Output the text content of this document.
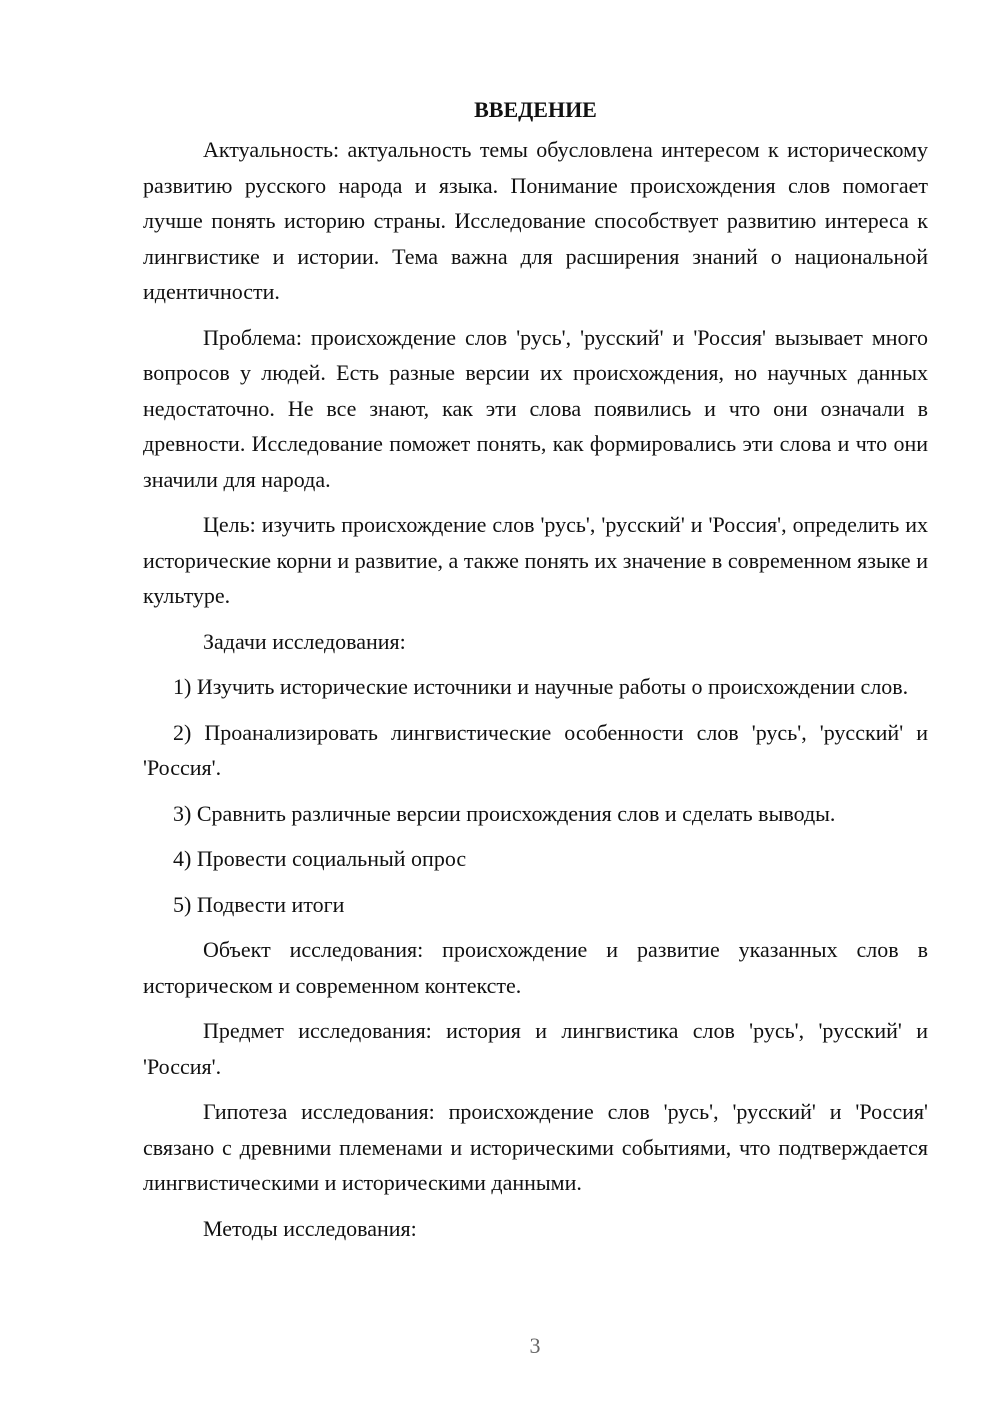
ВВЕДЕНИЕ

Актуальность: актуальность темы обусловлена интересом к историческому развитию русского народа и языка. Понимание происхождения слов помогает лучше понять историю страны. Исследование способствует развитию интереса к лингвистике и истории. Тема важна для расширения знаний о национальной идентичности.

Проблема: происхождение слов 'русь', 'русский' и 'Россия' вызывает много вопросов у людей. Есть разные версии их происхождения, но научных данных недостаточно. Не все знают, как эти слова появились и что они означали в древности. Исследование поможет понять, как формировались эти слова и что они значили для народа.

Цель: изучить происхождение слов 'русь', 'русский' и 'Россия', определить их исторические корни и развитие, а также понять их значение в современном языке и культуре.

Задачи исследования:

1) Изучить исторические источники и научные работы о происхождении слов.

2) Проанализировать лингвистические особенности слов 'русь', 'русский' и 'Россия'.

3) Сравнить различные версии происхождения слов и сделать выводы.

4) Провести социальный опрос

5) Подвести итоги

Объект исследования: происхождение и развитие указанных слов в историческом и современном контексте.

Предмет исследования: история и лингвистика слов 'русь', 'русский' и 'Россия'.

Гипотеза исследования: происхождение слов 'русь', 'русский' и 'Россия' связано с древними племенами и историческими событиями, что подтверждается лингвистическими и историческими данными.

Методы исследования:

3
